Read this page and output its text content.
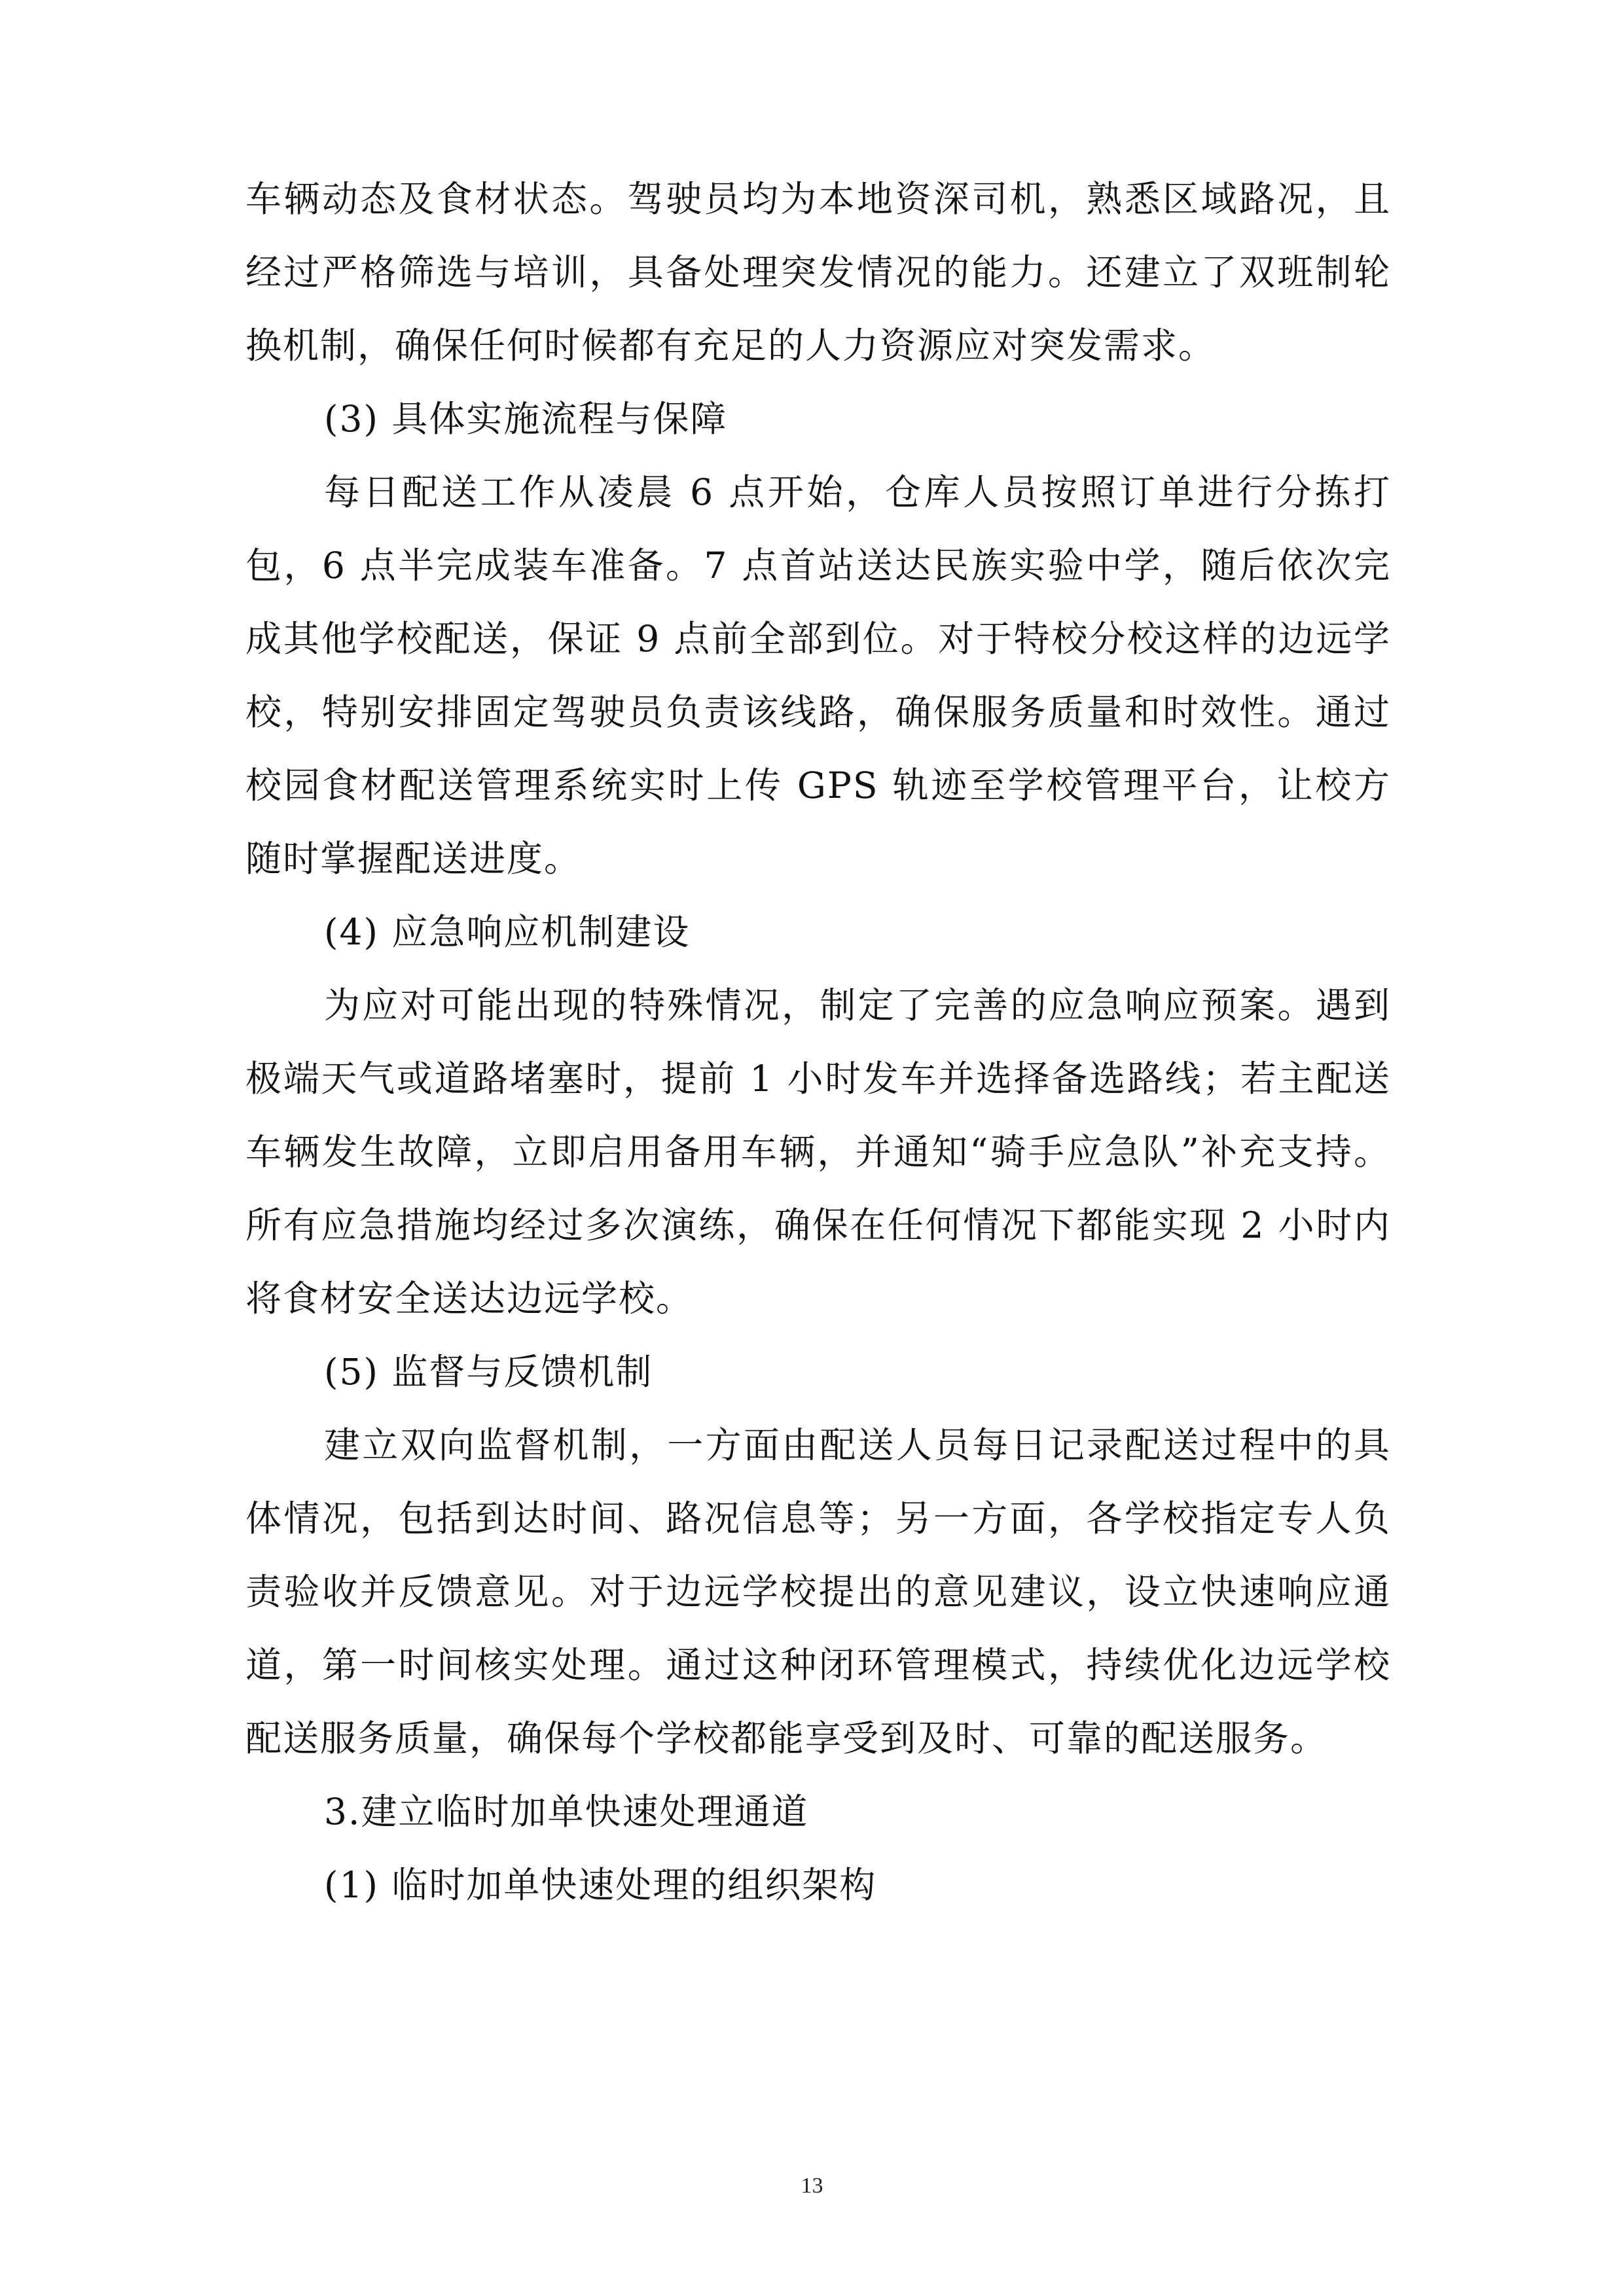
车辆动态及食材状态。驾驶员均为本地资深司机，熟悉区域路况，且经过严格筛选与培训，具备处理突发情况的能力。还建立了双班制轮换机制，确保任何时候都有充足的人力资源应对突发需求。

(3) 具体实施流程与保障

每日配送工作从凌晨 6 点开始，仓库人员按照订单进行分拣打包，6 点半完成装车准备。7 点首站送达民族实验中学，随后依次完成其他学校配送，保证 9 点前全部到位。对于特校分校这样的边远学校，特别安排固定驾驶员负责该线路，确保服务质量和时效性。通过校园食材配送管理系统实时上传 GPS 轨迹至学校管理平台，让校方随时掌握配送进度。

(4) 应急响应机制建设

为应对可能出现的特殊情况，制定了完善的应急响应预案。遇到极端天气或道路堵塞时，提前 1 小时发车并选择备选路线；若主配送车辆发生故障，立即启用备用车辆，并通知“骑手应急队”补充支持。所有应急措施均经过多次演练，确保在任何情况下都能实现 2 小时内将食材安全送达边远学校。

(5) 监督与反馈机制

建立双向监督机制，一方面由配送人员每日记录配送过程中的具体情况，包括到达时间、路况信息等；另一方面，各学校指定专人负责验收并反馈意见。对于边远学校提出的意见建议，设立快速响应通道，第一时间核实处理。通过这种闭环管理模式，持续优化边远学校配送服务质量，确保每个学校都能享受到及时、可靠的配送服务。

3.建立临时加单快速处理通道

(1) 临时加单快速处理的组织架构

13
